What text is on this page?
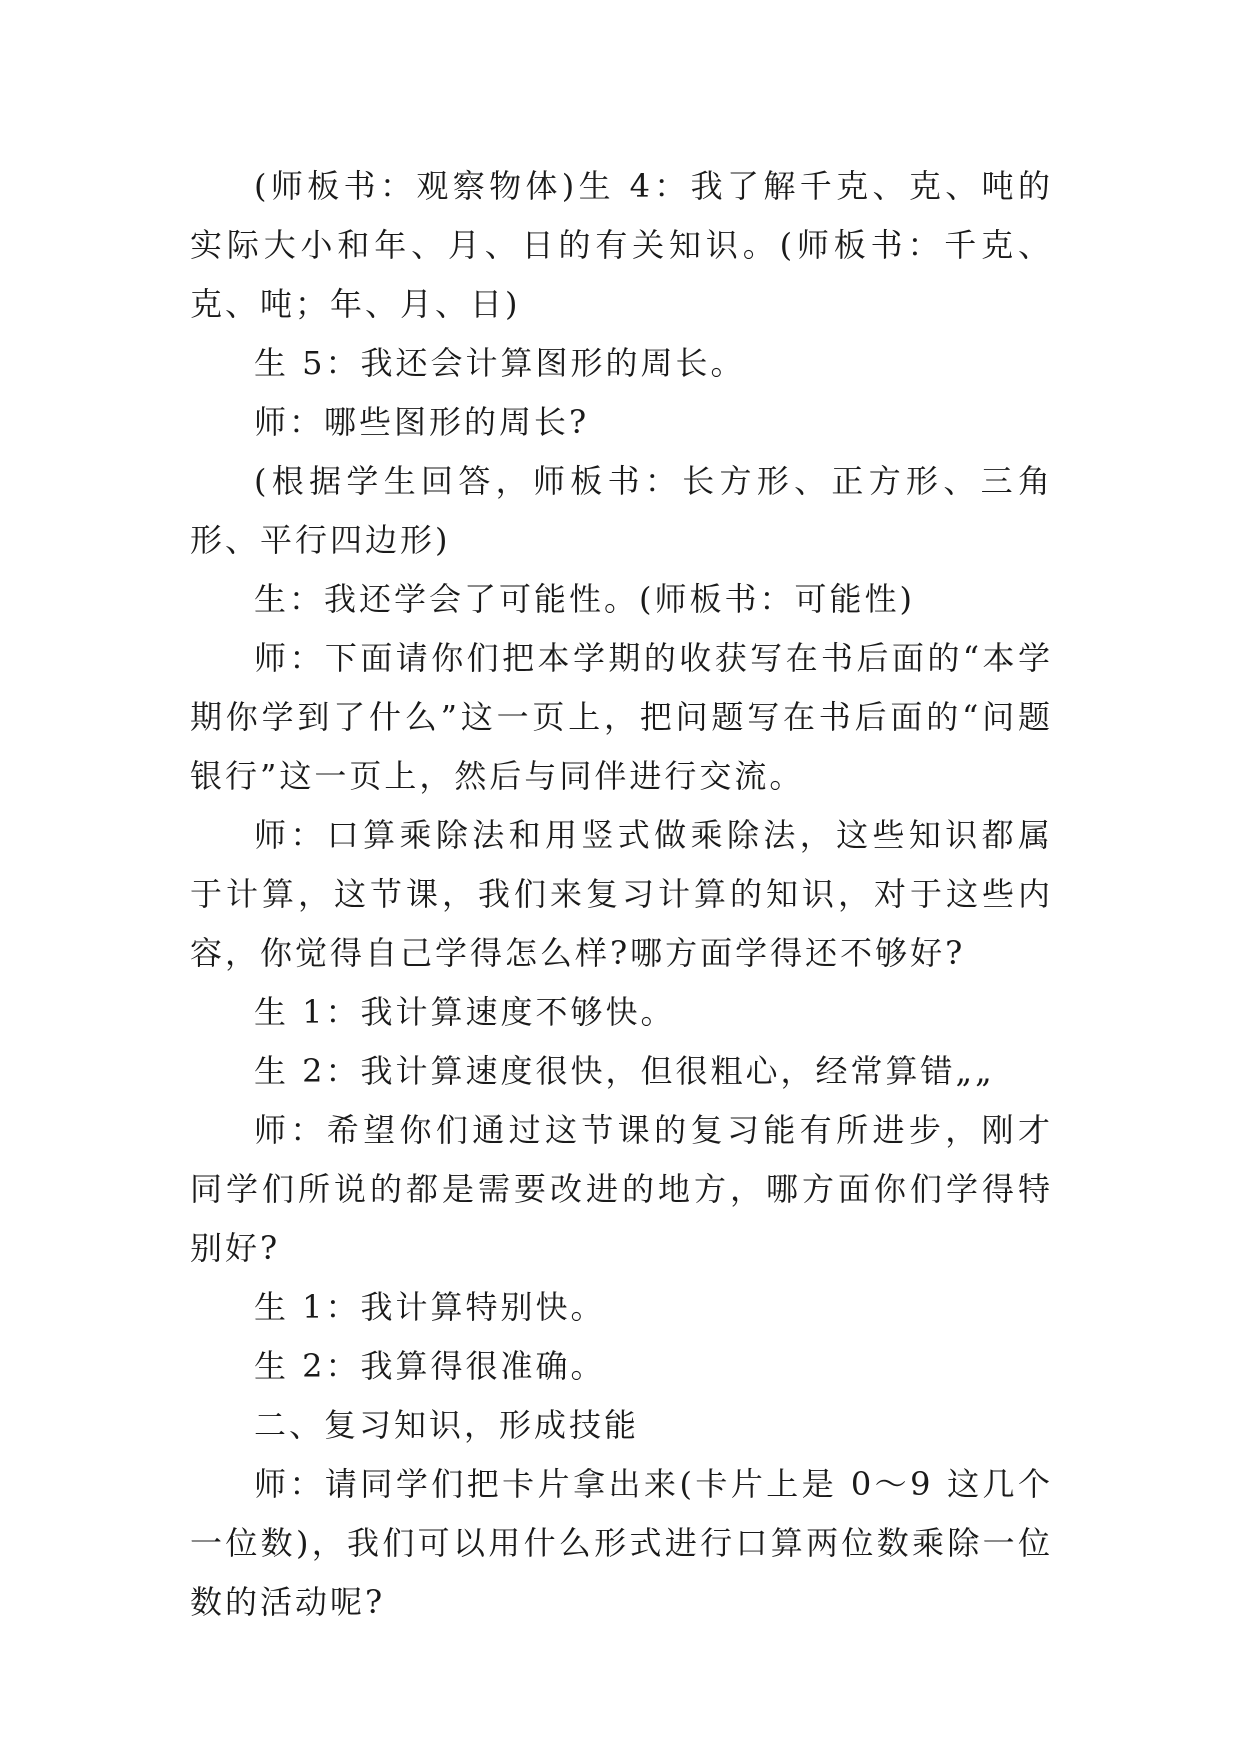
(师板书：观察物体)生 4：我了解千克、克、吨的实际大小和年、月、日的有关知识。(师板书：千克、克、吨；年、月、日)

生 5：我还会计算图形的周长。

师：哪些图形的周长?

(根据学生回答，师板书：长方形、正方形、三角形、平行四边形)

生：我还学会了可能性。(师板书：可能性)

师：下面请你们把本学期的收获写在书后面的“本学期你学到了什么”这一页上，把问题写在书后面的“问题银行”这一页上，然后与同伴进行交流。

师：口算乘除法和用竖式做乘除法，这些知识都属于计算，这节课，我们来复习计算的知识，对于这些内容，你觉得自己学得怎么样?哪方面学得还不够好?

生 1：我计算速度不够快。

生 2：我计算速度很快，但很粗心，经常算错„„

师：希望你们通过这节课的复习能有所进步，刚才同学们所说的都是需要改进的地方，哪方面你们学得特别好?

生 1：我计算特别快。

生 2：我算得很准确。

二、复习知识，形成技能

师：请同学们把卡片拿出来(卡片上是 0～9 这几个一位数)，我们可以用什么形式进行口算两位数乘除一位数的活动呢?
